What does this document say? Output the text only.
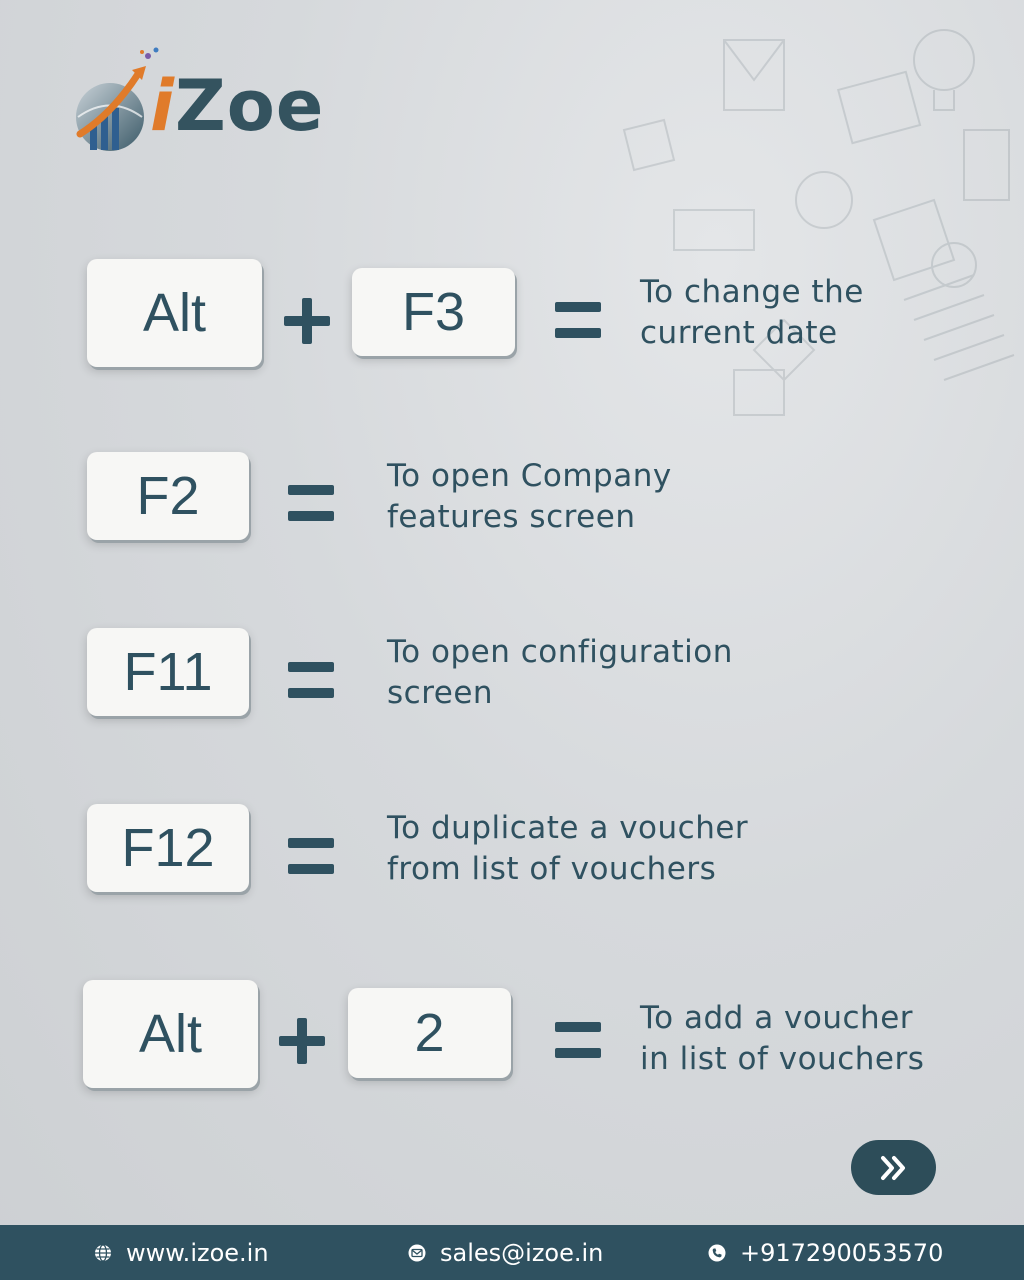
iZoe
Alt	F3	To change the
current date
F2	To open Company
features screen
F11	To open configuration
screen
F12	To duplicate a voucher
from list of vouchers
Alt	2	To add a voucher
in list of vouchers
www.izoe.in	sales@izoe.in	+917290053570
